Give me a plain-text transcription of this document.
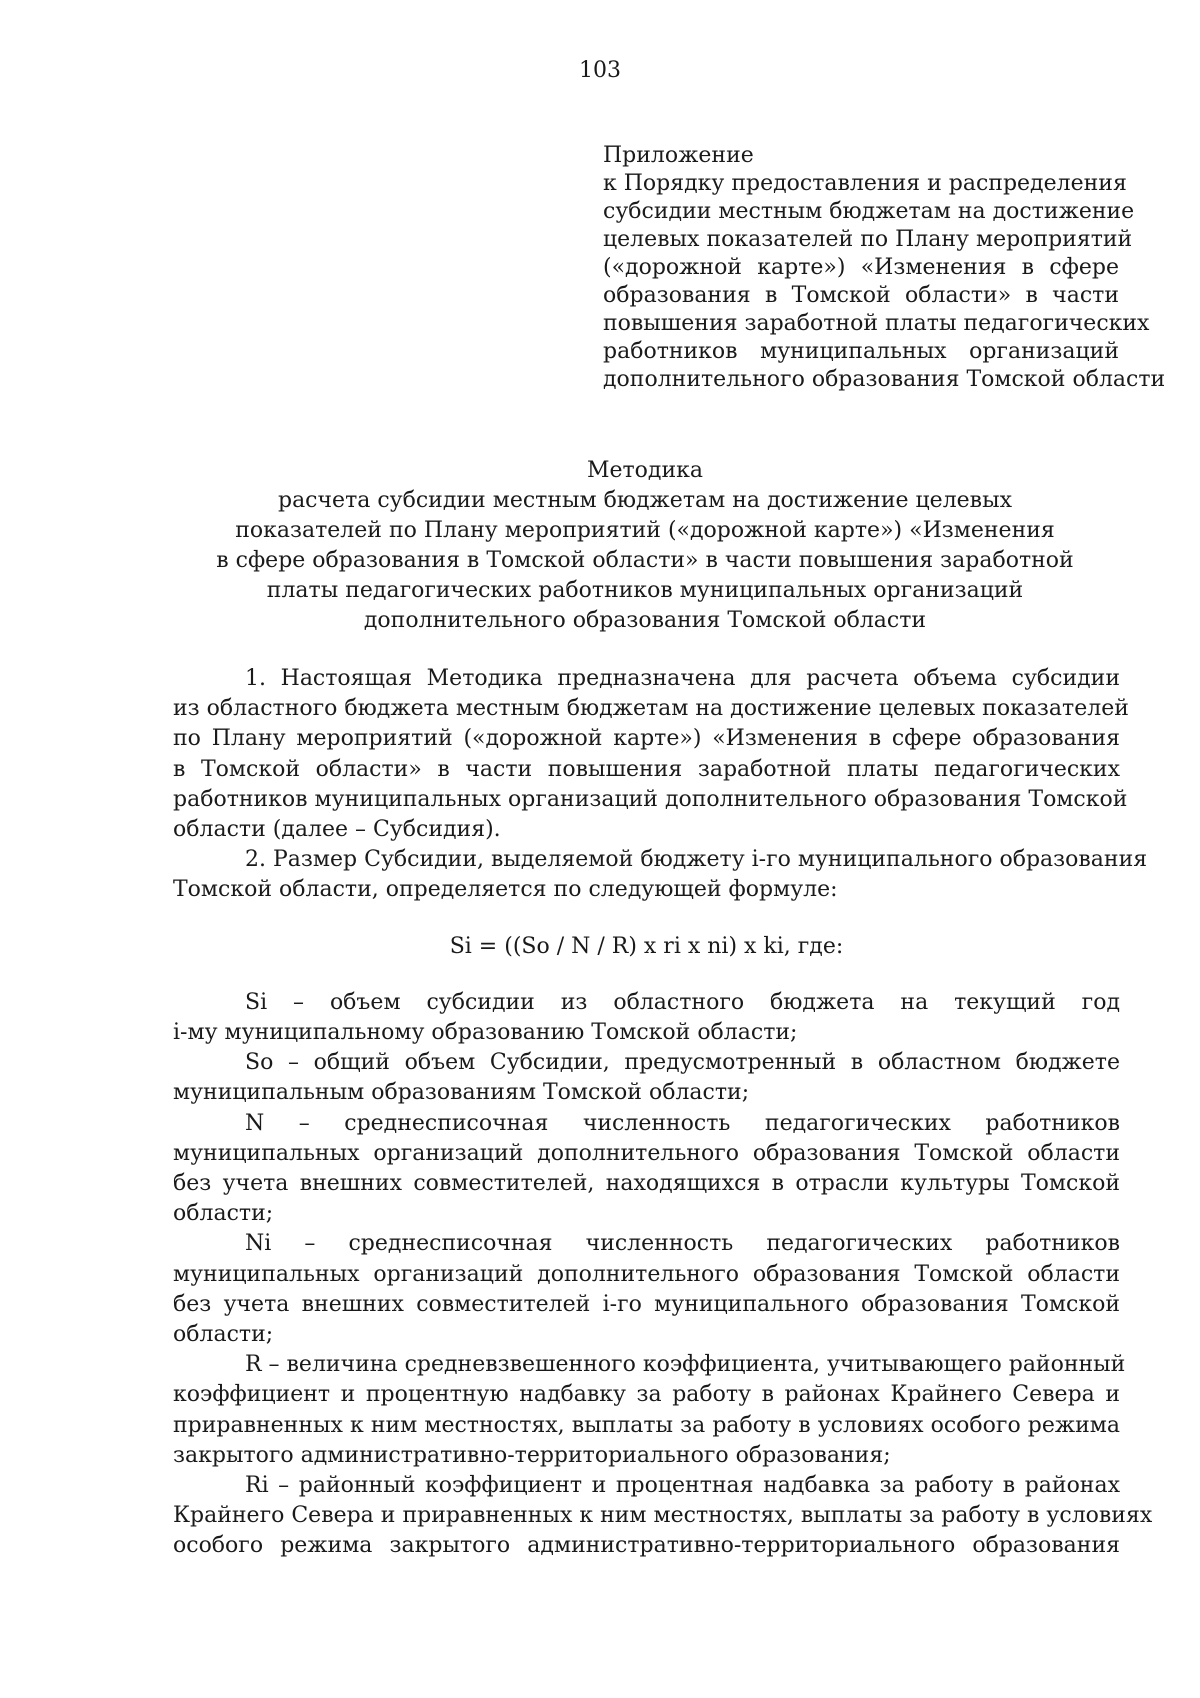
103
Приложение
к Порядку предоставления и распределения
субсидии местным бюджетам на достижение
целевых показателей по Плану мероприятий
(«дорожной карте») «Изменения в сфере
образования в Томской области» в части
повышения заработной платы педагогических
работников муниципальных организаций
дополнительного образования Томской области
Методика
расчета субсидии местным бюджетам на достижение целевых
показателей по Плану мероприятий («дорожной карте») «Изменения
в сфере образования в Томской области» в части повышения заработной
платы педагогических работников муниципальных организаций
дополнительного образования Томской области
1. Настоящая Методика предназначена для расчета объема субсидии
из областного бюджета местным бюджетам на достижение целевых показателей
по Плану мероприятий («дорожной карте») «Изменения в сфере образования
в Томской области» в части повышения заработной платы педагогических
работников муниципальных организаций дополнительного образования Томской
области (далее – Субсидия).
2. Размер Субсидии, выделяемой бюджету i-го муниципального образования
Томской области, определяется по следующей формуле:
Si = ((So / N / R) x ri x ni) x ki, где:
Si – объем субсидии из областного бюджета на текущий год
i-му муниципальному образованию Томской области;
So – общий объем Субсидии, предусмотренный в областном бюджете
муниципальным образованиям Томской области;
N – среднесписочная численность педагогических работников
муниципальных организаций дополнительного образования Томской области
без учета внешних совместителей, находящихся в отрасли культуры Томской
области;
Ni – среднесписочная численность педагогических работников
муниципальных организаций дополнительного образования Томской области
без учета внешних совместителей i-го муниципального образования Томской
области;
R – величина средневзвешенного коэффициента, учитывающего районный
коэффициент и процентную надбавку за работу в районах Крайнего Севера и
приравненных к ним местностях, выплаты за работу в условиях особого режима
закрытого административно-территориального образования;
Ri – районный коэффициент и процентная надбавка за работу в районах
Крайнего Севера и приравненных к ним местностях, выплаты за работу в условиях
особого режима закрытого административно-территориального образования
